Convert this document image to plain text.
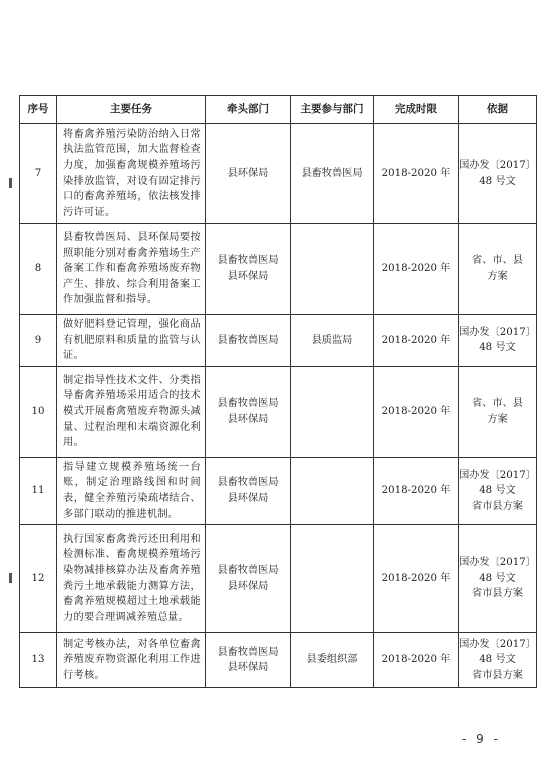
序号	主要任务	牵头部门	主要参与部门	完成时限	依据
7	将畜禽养殖污染防治纳入日常执法监管范围，加大监督检查力度，加强畜禽规模养殖场污染排放监管，对设有固定排污口的畜禽养殖场，依法核发排污许可证。	县环保局	县畜牧兽医局	2018-2020 年	国办发〔2017〕
48 号文

8	县畜牧兽医局、县环保局要按照职能分别对畜禽养殖场生产备案工作和畜禽养殖场废弃物产生、排放、综合利用备案工作加强监督和指导。	县畜牧兽医局
县环保局		2018-2020 年	省、市、县
方案

9	做好肥料登记管理，强化商品有机肥原料和质量的监管与认证。	县畜牧兽医局	县质监局	2018-2020 年	国办发〔2017〕
48 号文

10	制定指导性技术文件、分类指导畜禽养殖场采用适合的技术模式开展畜禽殖废弃物源头减量、过程治理和末端资源化利用。	县畜牧兽医局
县环保局		2018-2020 年	省、市、县
方案

11	指导建立规模养殖场统一台账，制定治理路线图和时间表，健全养殖污染疏堵结合、多部门联动的推进机制。	县畜牧兽医局
县环保局		2018-2020 年	国办发〔2017〕
48 号文
省市县方案

12	执行国家畜禽粪污还田利用和检测标准、畜禽规模养殖场污染物减排核算办法及畜禽养殖粪污土地承载能力测算方法，畜禽养殖规模超过土地承载能力的要合理调减养殖总量。	县畜牧兽医局
县环保局		2018-2020 年	国办发〔2017〕
48 号文
省市县方案

13	制定考核办法，对各单位畜禽养殖废弃物资源化利用工作进行考核。	县畜牧兽医局
县环保局	县委组织部	2018-2020 年	国办发〔2017〕
48 号文
省市县方案
- 9 -
